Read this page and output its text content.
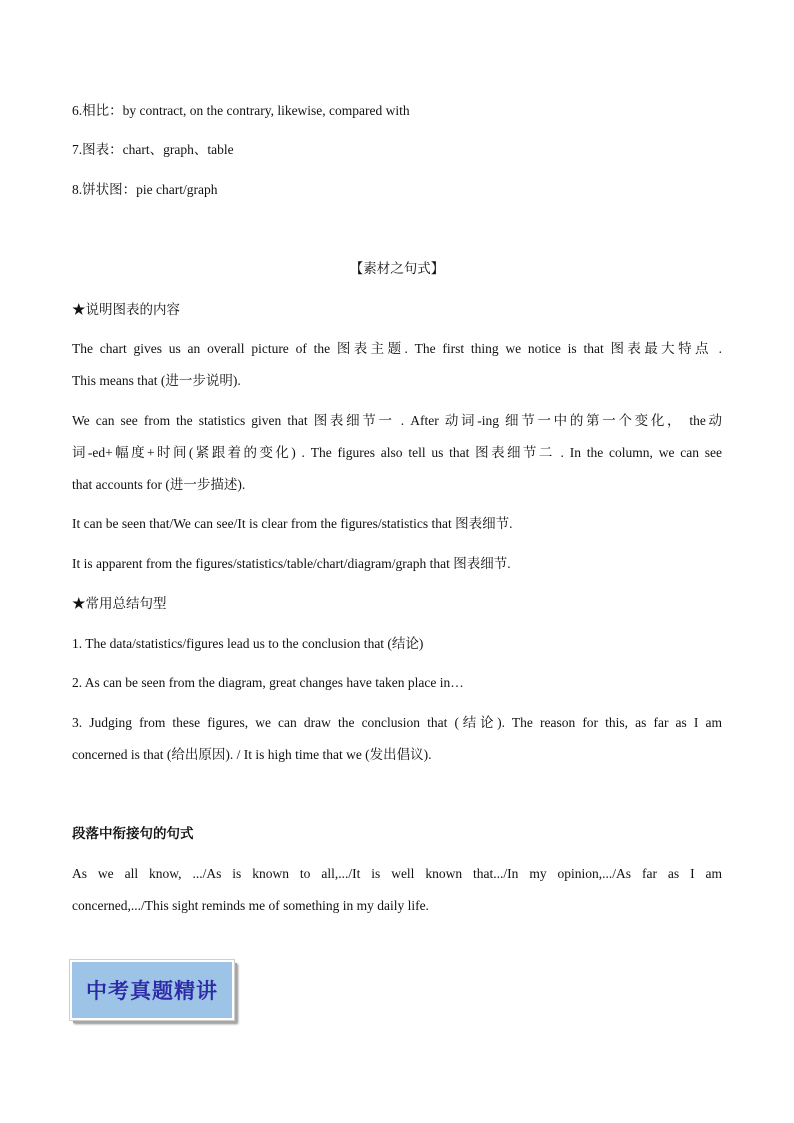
6.相比：by contract, on the contrary, likewise, compared with
7.图表：chart、graph、table
8.饼状图：pie chart/graph
【素材之句式】
★说明图表的内容
The chart gives us an overall picture of the 图表主题. The first thing we notice is that 图表最大特点 .
This means that (进一步说明).
We can see from the statistics given that 图表细节一 . After 动词-ing 细节一中的第一个变化， the动
词-ed+幅度+时间(紧跟着的变化) . The figures also tell us that 图表细节二 . In the column, we can see
that accounts for (进一步描述).
It can be seen that/We can see/It is clear from the figures/statistics that 图表细节.
It is apparent from the figures/statistics/table/chart/diagram/graph that 图表细节.
★常用总结句型
1. The data/statistics/figures lead us to the conclusion that (结论)
2. As can be seen from the diagram, great changes have taken place in…
3. Judging from these figures, we can draw the conclusion that (结论). The reason for this, as far as I am
concerned is that (给出原因). / It is high time that we (发出倡议).
段落中衔接句的句式
As we all know, .../As is known to all,.../It is well known that.../In my opinion,.../As far as I am
concerned,.../This sight reminds me of something in my daily life.
中考真题精讲
